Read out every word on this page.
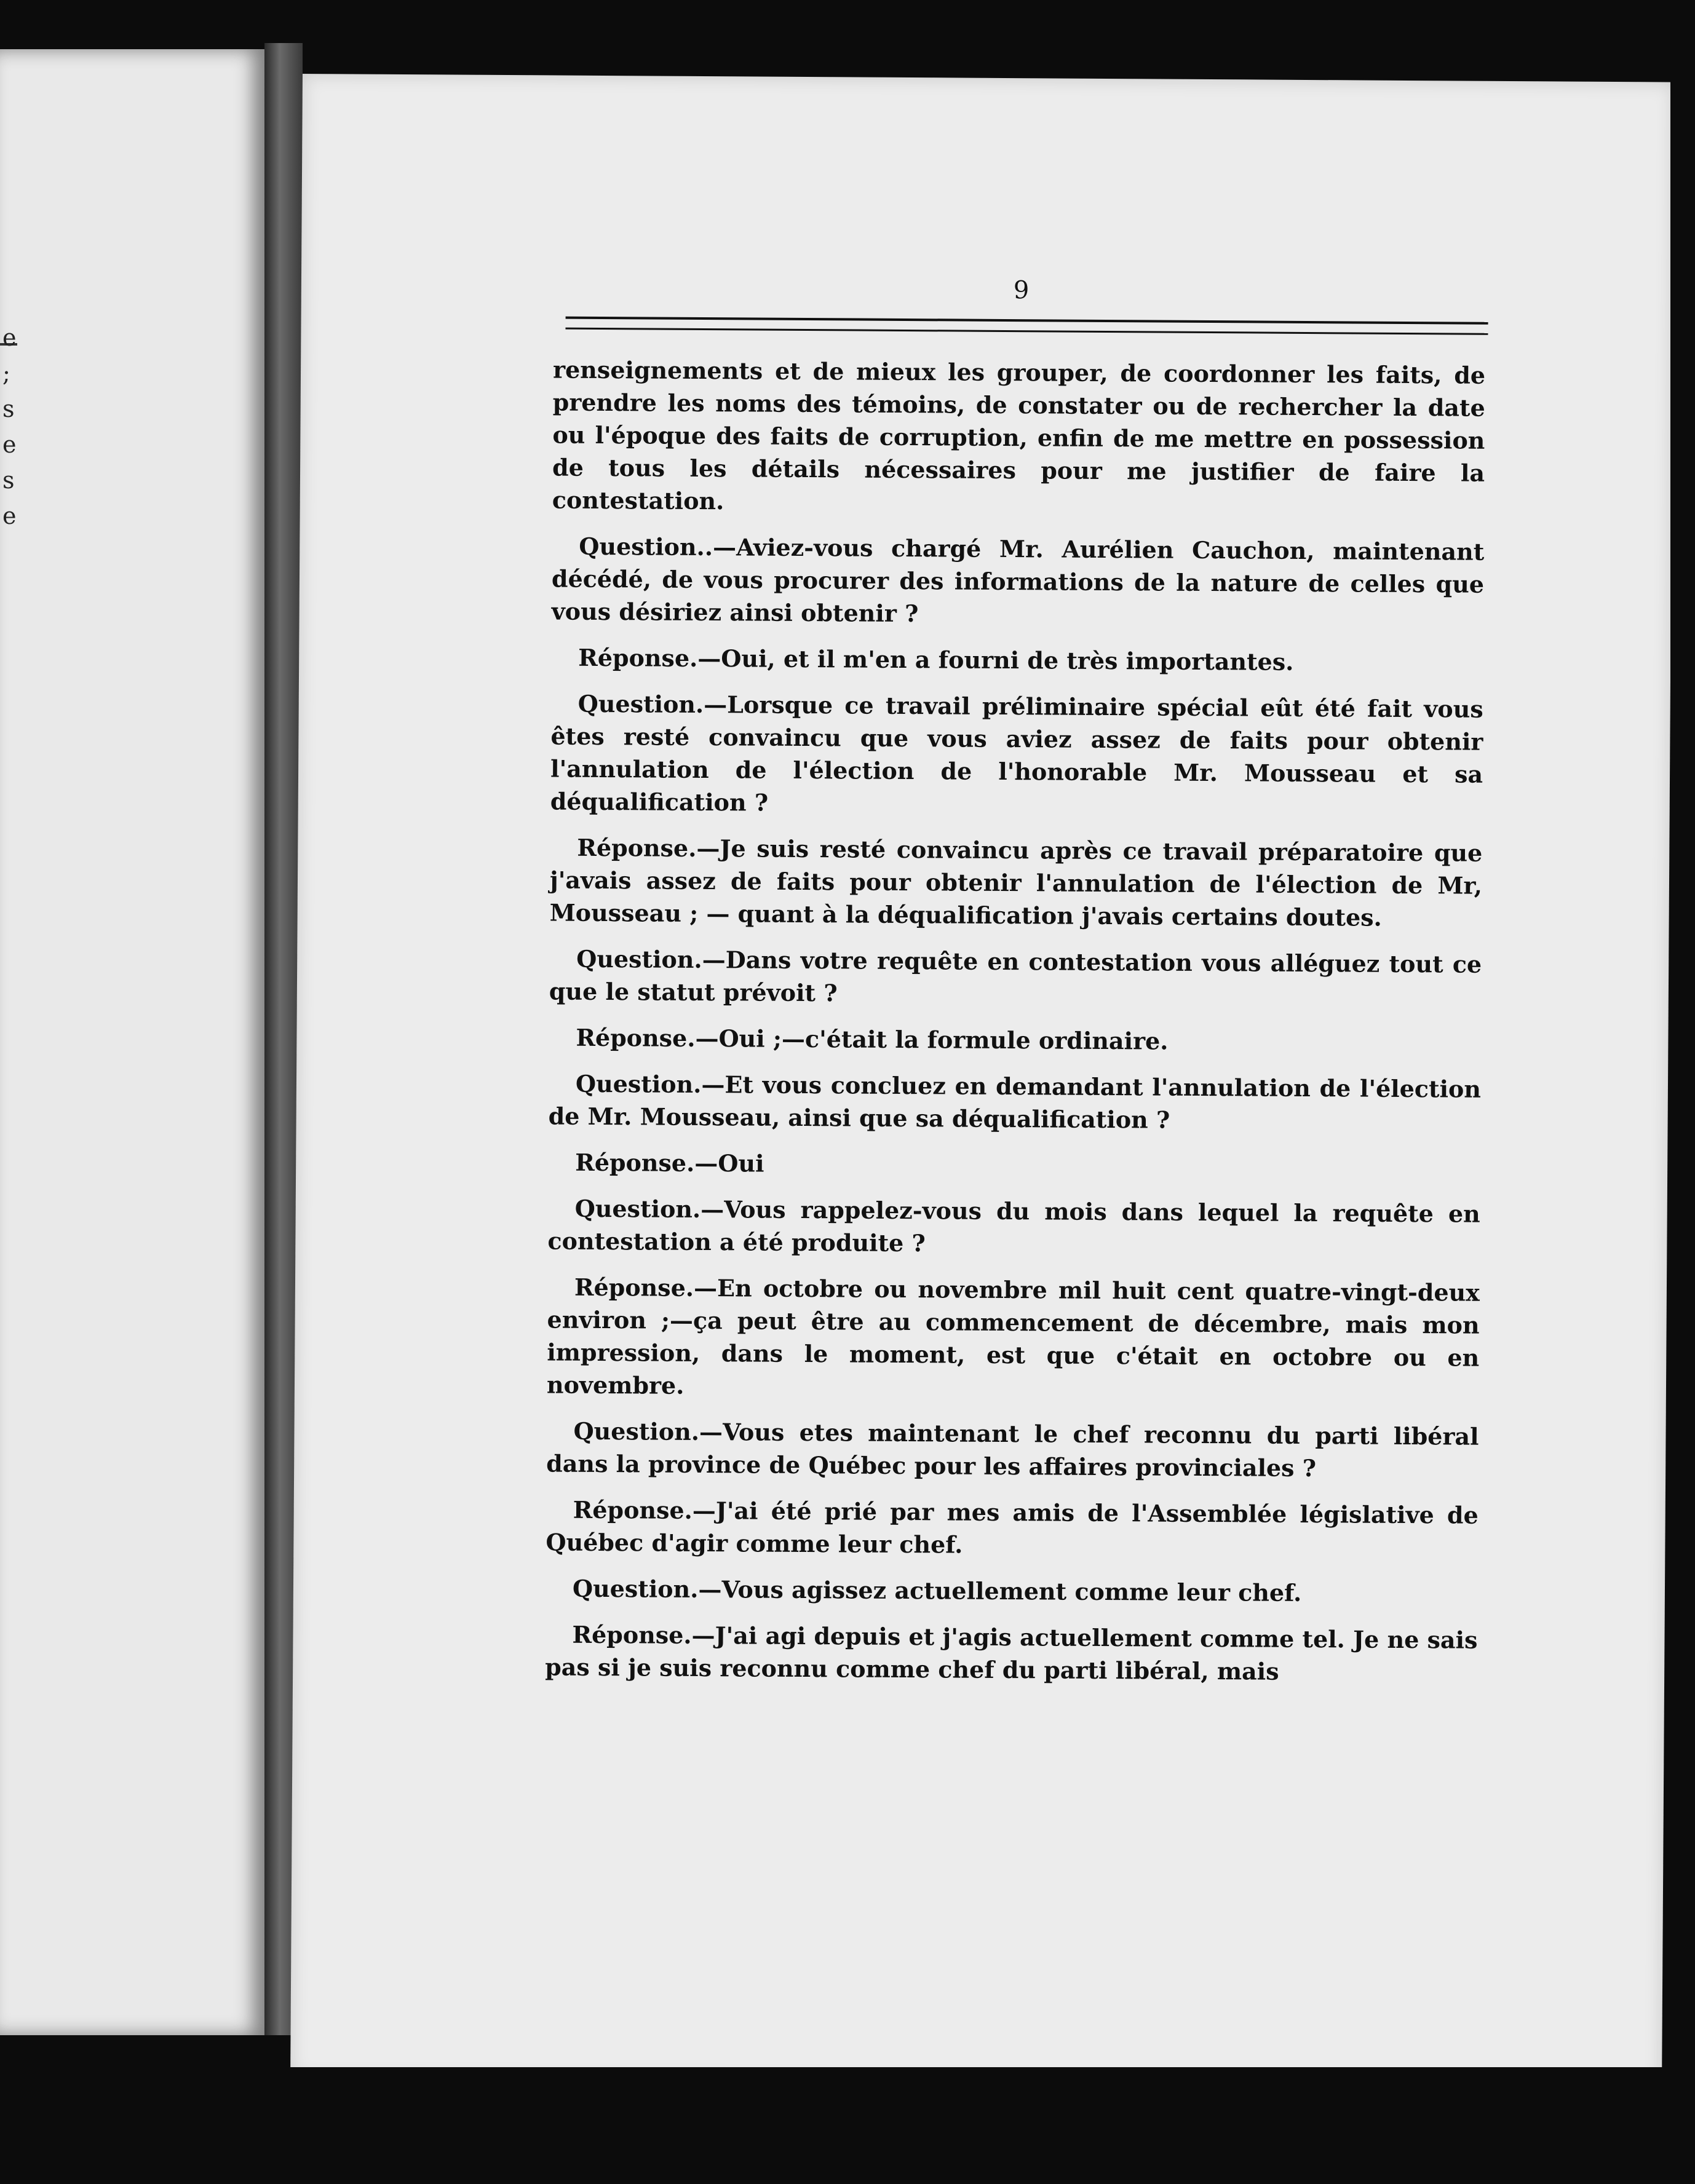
e
;
s
e
s
e
9

renseignements et de mieux les grouper, de coordonner les faits, de prendre les noms des témoins, de constater ou de rechercher la date ou l'époque des faits de corruption, enfin de me mettre en possession de tous les détails nécessaires pour me justifier de faire la contestation.

Question..—Aviez-vous chargé Mr. Aurélien Cauchon, maintenant décédé, de vous procurer des informations de la nature de celles que vous désiriez ainsi obtenir ?

Réponse.—Oui, et il m'en a fourni de très importantes.

Question.—Lorsque ce travail préliminaire spécial eût été fait vous êtes resté convaincu que vous aviez assez de faits pour obtenir l'annulation de l'élection de l'honorable Mr. Mousseau et sa déqualification ?

Réponse.—Je suis resté convaincu après ce travail préparatoire que j'avais assez de faits pour obtenir l'annulation de l'élection de Mr, Mousseau ; — quant à la déqualification j'avais certains doutes.

Question.—Dans votre requête en contestation vous alléguez tout ce que le statut prévoit ?

Réponse.—Oui ;—c'était la formule ordinaire.

Question.—Et vous concluez en demandant l'annulation de l'élection de Mr. Mousseau, ainsi que sa déqualification ?

Réponse.—Oui

Question.—Vous rappelez-vous du mois dans lequel la requête en contestation a été produite ?

Réponse.—En octobre ou novembre mil huit cent quatre-vingt-deux environ ;—ça peut être au commencement de décembre, mais mon impression, dans le moment, est que c'était en octobre ou en novembre.

Question.—Vous etes maintenant le chef reconnu du parti libéral dans la province de Québec pour les affaires provinciales ?

Réponse.—J'ai été prié par mes amis de l'Assemblée législative de Québec d'agir comme leur chef.

Question.—Vous agissez actuellement comme leur chef.

Réponse.—J'ai agi depuis et j'agis actuellement comme tel. Je ne sais pas si je suis reconnu comme chef du parti libéral, mais
